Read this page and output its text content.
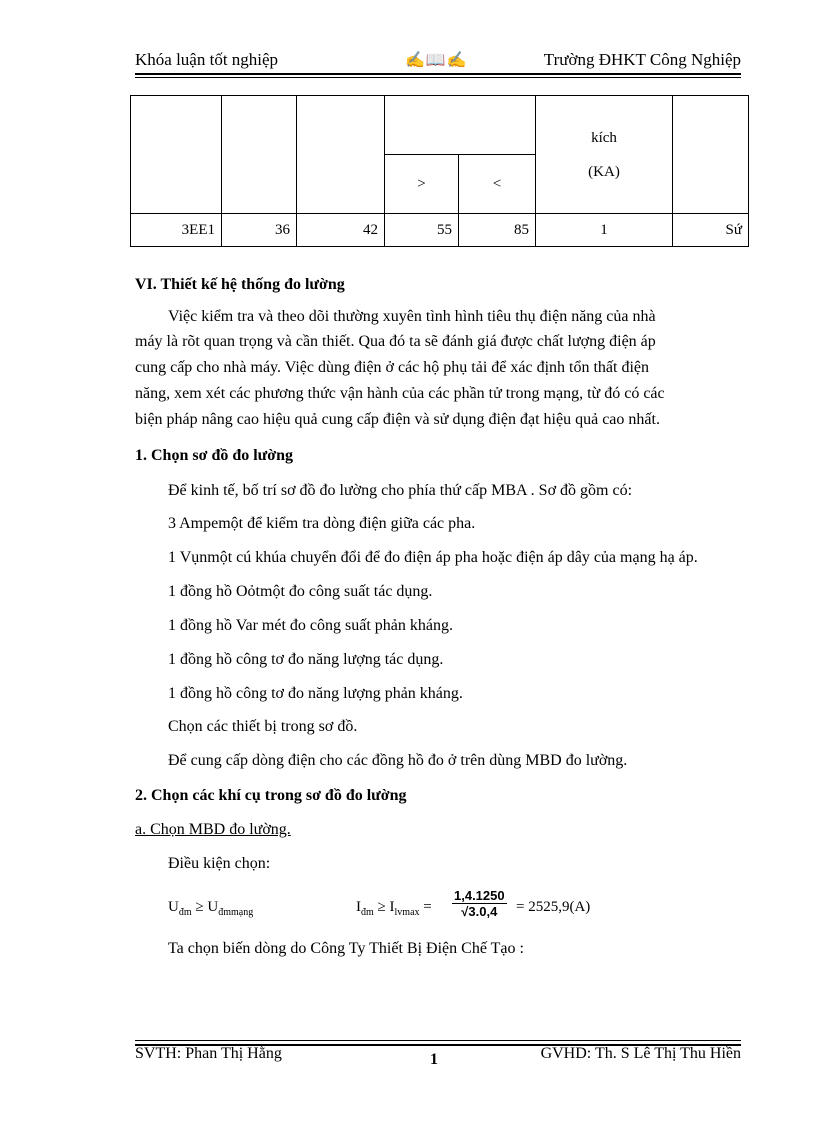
Khóa luận tốt nghiệp	✍📖✍	Trường ĐHKT Công Nghiệp

					kích
(KA)	

			>	<		
3EE1	36	42	55	85	1	Sứ
VI. Thiết kế hệ thống đo lường
Việc kiểm tra và theo dõi thường xuyên tình hình tiêu thụ điện năng của nhà
máy là rõt quan trọng và cần thiết. Qua đó ta sẽ đánh giá được chất lượng điện áp
cung cấp cho nhà máy. Việc dùng điện ở các hộ phụ tải để xác định tổn thất điện
năng, xem xét các phương thức vận hành của các phần tử trong mạng, từ đó có các
biện pháp nâng cao hiệu quả cung cấp điện và sử dụng điện đạt hiệu quả cao nhất.
1. Chọn sơ đồ đo lường
Để kinh tế, bố trí sơ đồ đo lường cho phía thứ cấp MBA . Sơ đồ gồm có:
3 Ampemột để kiểm tra dòng điện giữa các pha.
1 Vụnmột cú khúa chuyển đổi để đo điện áp pha hoặc điện áp dây của mạng hạ áp.
1 đồng hồ Oỏtmột đo công suất tác dụng.
1 đồng hồ Var mét đo công suất phản kháng.
1 đồng hồ công tơ đo năng lượng tác dụng.
1 đồng hồ công tơ đo năng lượng phản kháng.
Chọn các thiết bị trong sơ đồ.
Để cung cấp dòng điện cho các đồng hồ đo ở trên dùng MBD đo lường.
2. Chọn các khí cụ trong sơ đồ đo lường
a. Chọn MBD đo lường.
Điều kiện chọn:
$U_{đm} \ge U_{đmmạng}$	$I_{đm} \ge I_{lvmax} = \frac{1,4.1250}{√3.0,4} = 2525,9(A)$
Ta chọn biến dòng do Công Ty Thiết Bị Điện Chế Tạo :
SVTH: Phan Thị Hằng	1	GVHD: Th. S Lê Thị Thu Hiền
